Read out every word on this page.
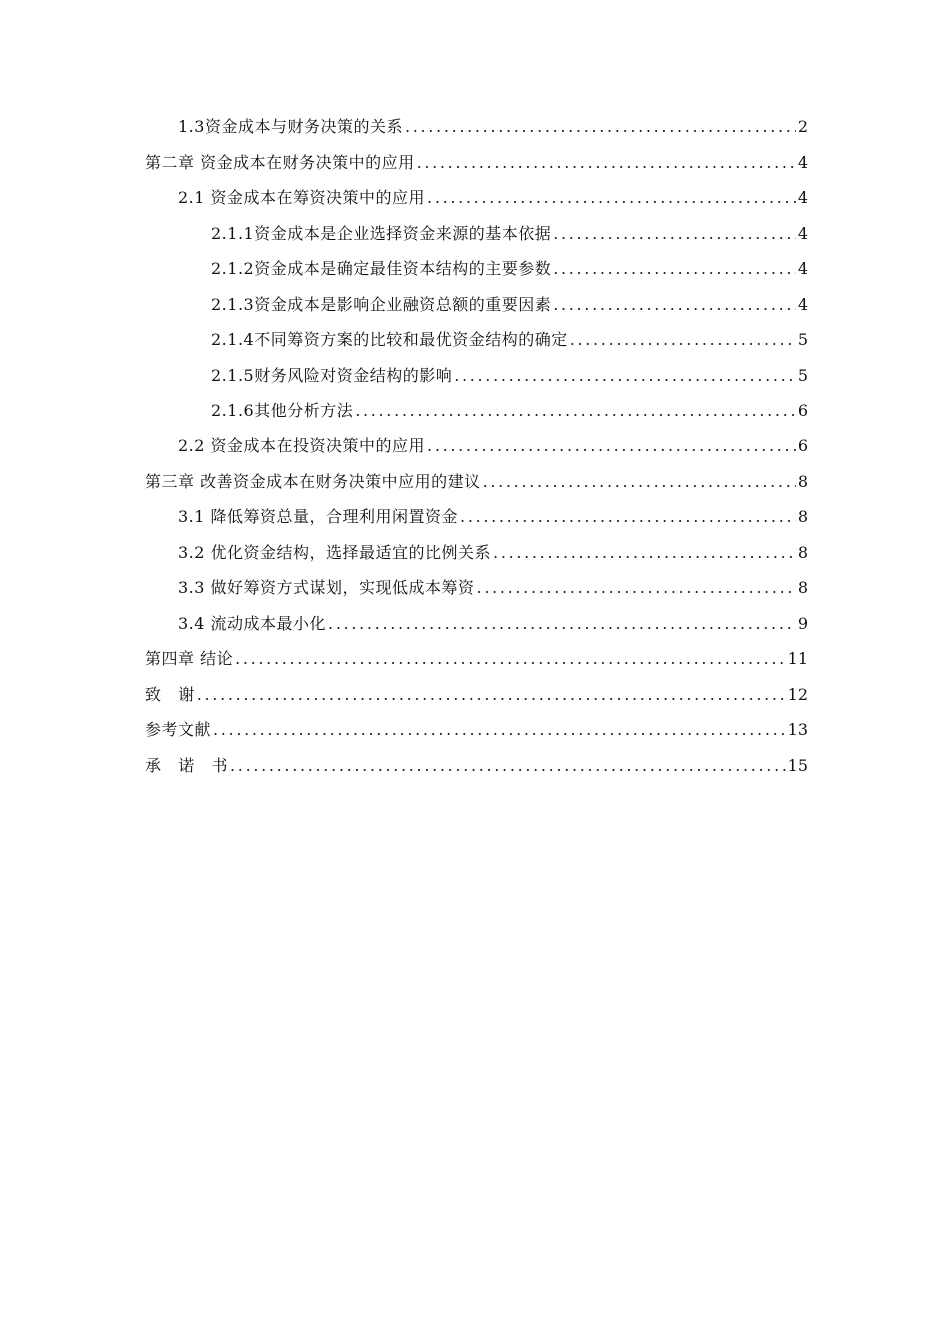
1.3资金成本与财务决策的关系 . . .	2
第二章 资金成本在财务决策中的应用 . . .	4
2.1 资金成本在筹资决策中的应用 . . .	4
2.1.1资金成本是企业选择资金来源的基本依据 . . .	4
2.1.2资金成本是确定最佳资本结构的主要参数 . . .	4
2.1.3资金成本是影响企业融资总额的重要因素 . . .	4
2.1.4不同筹资方案的比较和最优资金结构的确定 . . .	5
2.1.5财务风险对资金结构的影响 . . .	5
2.1.6其他分析方法 . . .	6
2.2 资金成本在投资决策中的应用 . . .	6
第三章 改善资金成本在财务决策中应用的建议 . . .	8
3.1 降低筹资总量，合理利用闲置资金 . . .	8
3.2 优化资金结构，选择最适宜的比例关系 . . .	8
3.3 做好筹资方式谋划，实现低成本筹资 . . .	8
3.4 流动成本最小化 . . .	9
第四章 结论 . . .	11
致   谢 . . .	12
参考文献 . . .	13
承   诺   书 . . .	15
